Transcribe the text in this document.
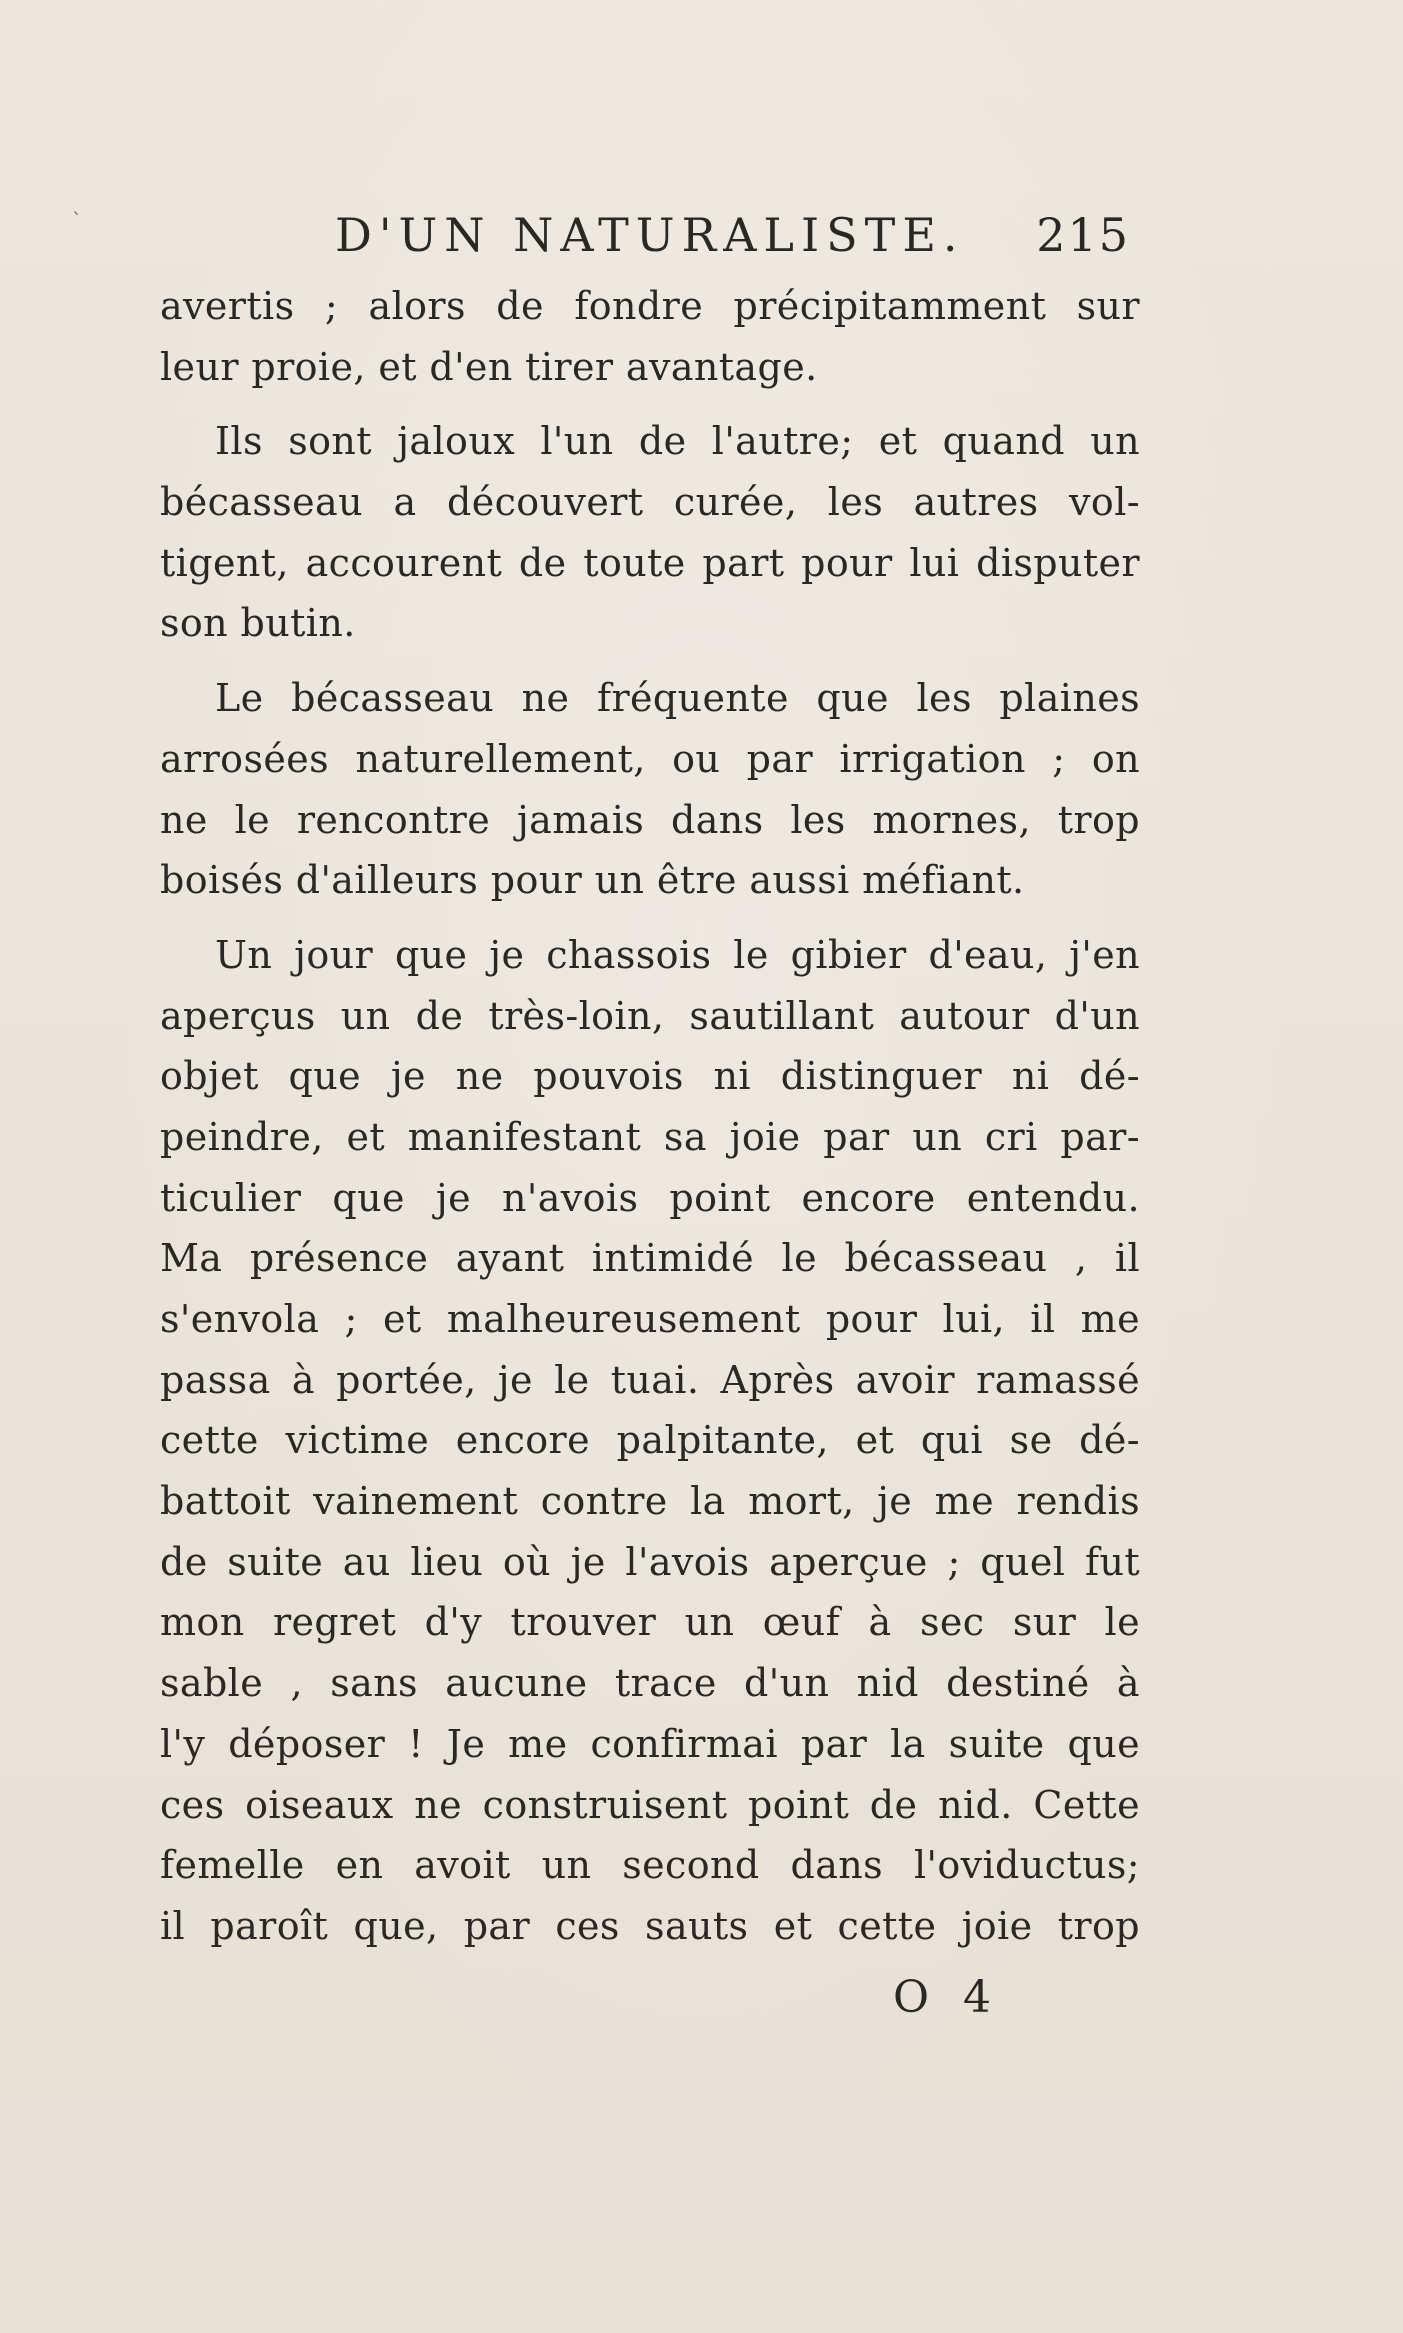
ˋ	D'UN NATURALISTE. 215
avertis ; alors de fondre précipitamment sur
leur proie, et d'en tirer avantage.
Ils sont jaloux l'un de l'autre; et quand un
bécasseau a découvert curée, les autres vol-
tigent, accourent de toute part pour lui disputer
son butin.
Le bécasseau ne fréquente que les plaines
arrosées naturellement, ou par irrigation ; on
ne le rencontre jamais dans les mornes, trop
boisés d'ailleurs pour un être aussi méfiant.
Un jour que je chassois le gibier d'eau, j'en
aperçus un de très-loin, sautillant autour d'un
objet que je ne pouvois ni distinguer ni dé-
peindre, et manifestant sa joie par un cri par-
ticulier que je n'avois point encore entendu.
Ma présence ayant intimidé le bécasseau , il
s'envola ; et malheureusement pour lui, il me
passa à portée, je le tuai. Après avoir ramassé
cette victime encore palpitante, et qui se dé-
battoit vainement contre la mort, je me rendis
de suite au lieu où je l'avois aperçue ; quel fut
mon regret d'y trouver un œuf à sec sur le
sable , sans aucune trace d'un nid destiné à
l'y déposer ! Je me confirmai par la suite que
ces oiseaux ne construisent point de nid. Cette
femelle en avoit un second dans l'oviductus;
il paroît que, par ces sauts et cette joie trop
O 4
